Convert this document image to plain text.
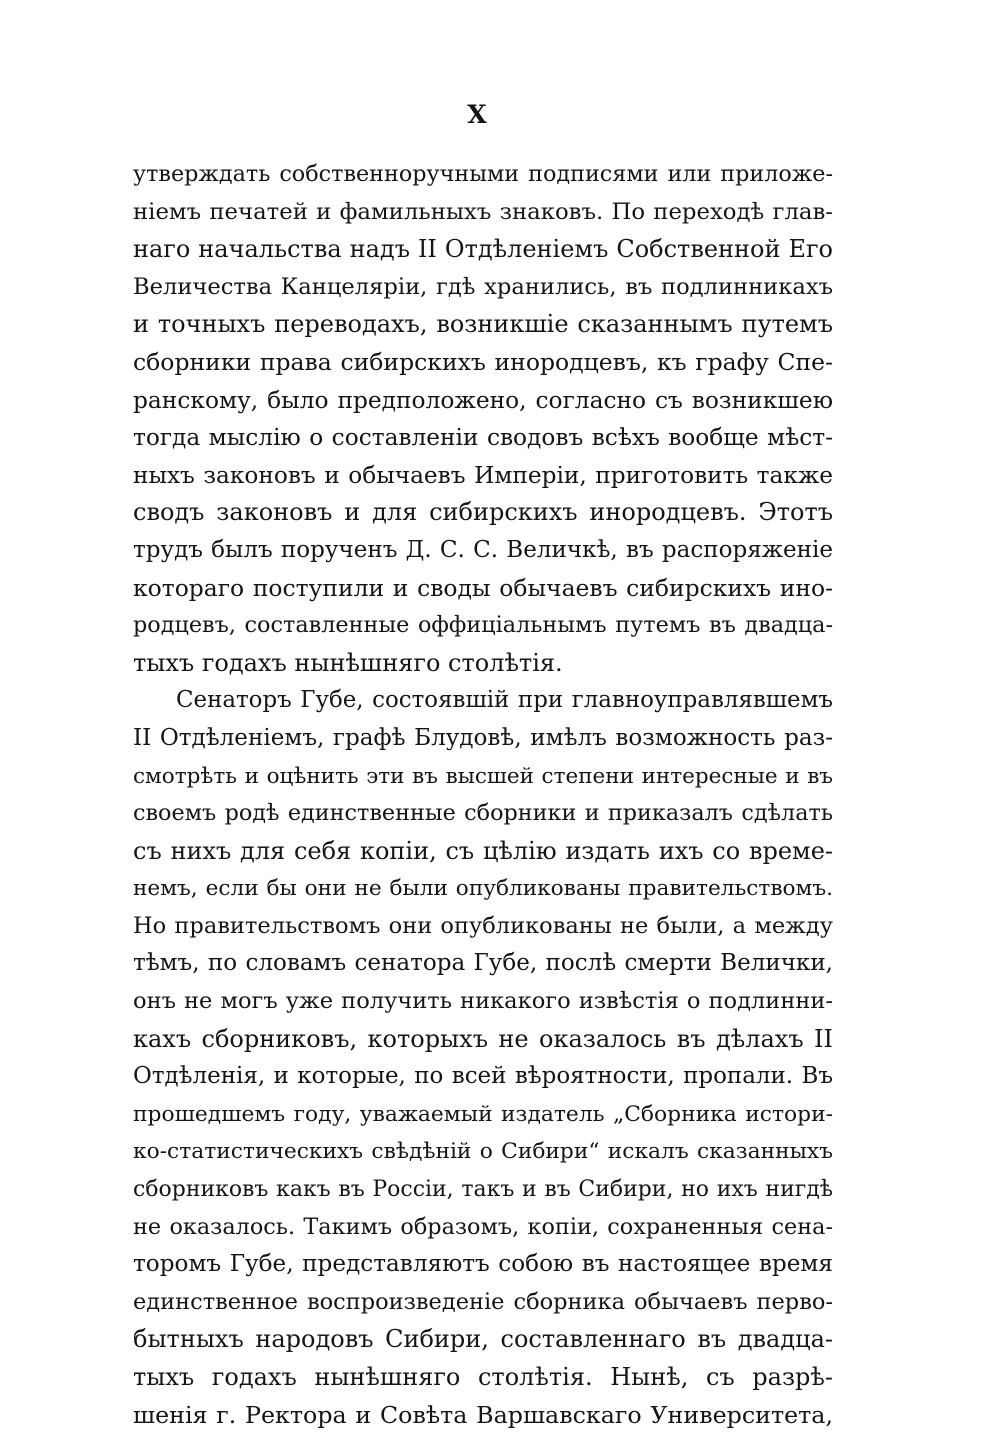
X
утверждать собственноручными подписями или приложе-
ніемъ печатей и фамильныхъ знаковъ. По переходѣ глав-
наго начальства надъ II Отдѣленіемъ Собственной Его
Величества Канцеляріи, гдѣ хранились, въ подлинникахъ
и точныхъ переводахъ, возникшіе сказаннымъ путемъ
сборники права сибирскихъ инородцевъ, къ графу Спе-
ранскому, было предположено, согласно съ возникшею
тогда мыслію о составленіи сводовъ всѣхъ вообще мѣст-
ныхъ законовъ и обычаевъ Имперіи, приготовить также
сводъ законовъ и для сибирскихъ инородцевъ. Этотъ
трудъ былъ порученъ Д. С. С. Величкѣ, въ распоряженіе
котораго поступили и своды обычаевъ сибирскихъ ино-
родцевъ, составленные оффиціальнымъ путемъ въ двадца-
тыхъ годахъ нынѣшняго столѣтія.
Сенаторъ Губе, состоявшій при главноуправлявшемъ
II Отдѣленіемъ, графѣ Блудовѣ, имѣлъ возможность раз-
смотрѣть и оцѣнить эти въ высшей степени интересные и въ
своемъ родѣ единственные сборники и приказалъ сдѣлать
съ нихъ для себя копіи, съ цѣлію издать ихъ со време-
немъ, если бы они не были опубликованы правительствомъ.
Но правительствомъ они опубликованы не были, а между
тѣмъ, по словамъ сенатора Губе, послѣ смерти Велички,
онъ не могъ уже получить никакого извѣстія о подлинни-
кахъ сборниковъ, которыхъ не оказалось въ дѣлахъ II
Отдѣленія, и которые, по всей вѣроятности, пропали. Въ
прошедшемъ году, уважаемый издатель „Сборника истори-
ко-статистическихъ свѣдѣній о Сибири“ искалъ сказанныхъ
сборниковъ какъ въ Россіи, такъ и въ Сибири, но ихъ нигдѣ
не оказалось. Такимъ образомъ, копіи, сохраненныя сена-
торомъ Губе, представляютъ собою въ настоящее время
единственное воспроизведеніе сборника обычаевъ перво-
бытныхъ народовъ Сибири, составленнаго въ двадца-
тыхъ годахъ нынѣшняго столѣтія. Нынѣ, съ разрѣ-
шенія г. Ректора и Совѣта Варшавскаго Университета,
